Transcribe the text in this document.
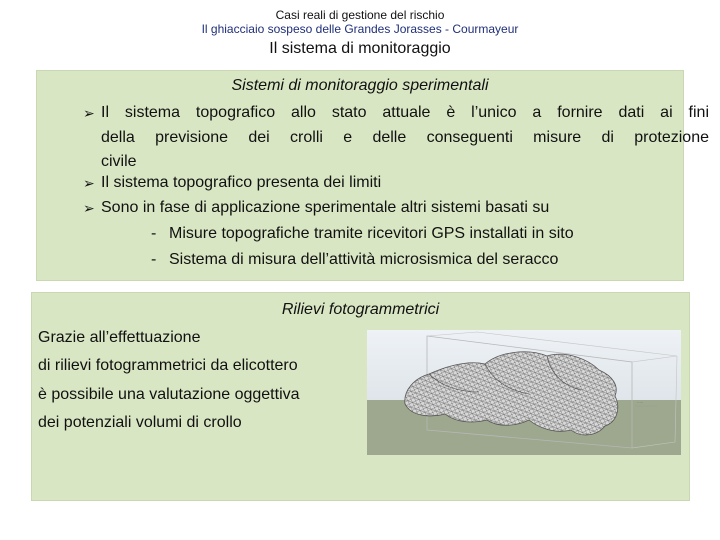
Casi reali di gestione del rischio
Il ghiacciaio sospeso delle Grandes Jorasses - Courmayeur
Il sistema di monitoraggio
Sistemi di monitoraggio sperimentali
➢ Il sistema topografico allo stato attuale è l’unico a fornire dati ai fini
della previsione dei crolli e delle conseguenti misure di protezione
civile
➢ Il sistema topografico presenta dei limiti
➢ Sono in fase di applicazione sperimentale altri sistemi basati su
- Misure topografiche tramite ricevitori GPS installati in sito
- Sistema di misura dell’attività microsismica del seracco
Rilievi fotogrammetrici
Grazie all’effettuazione
di rilievi fotogrammetrici da elicottero
è possibile una valutazione oggettiva
dei potenziali volumi di crollo
·····
